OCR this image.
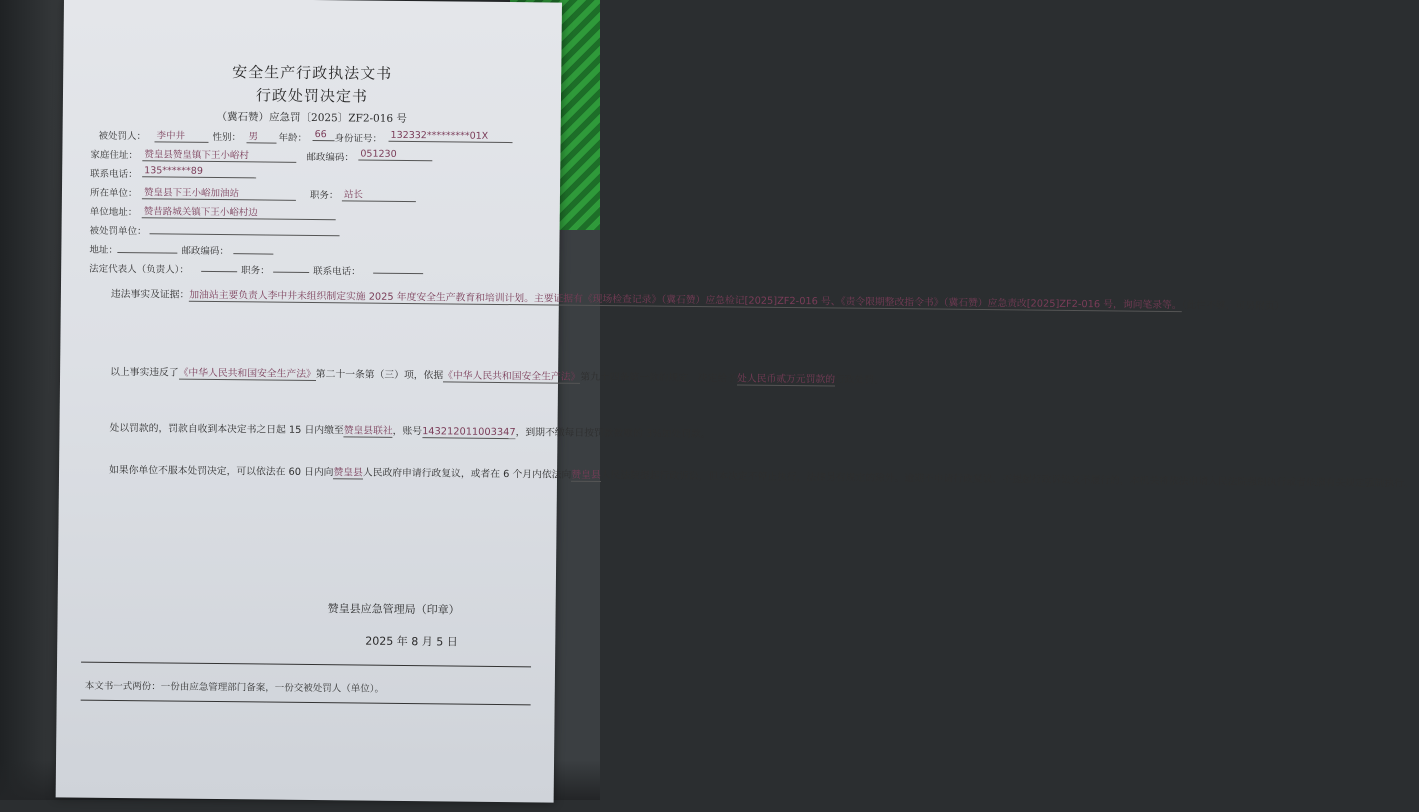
安全生产行政执法文书
行政处罚决定书
（冀石赞）应急罚〔2025〕ZF2-016 号
被处罚人： 李中井	性别： 男	年龄： 66 身份证号： 132332*********01X
家庭住址： 赞皇县赞皇镇下王小峪村	邮政编码： 051230
联系电话： 135******89
所在单位： 赞皇县下王小峪加油站	职务： 站长
单位地址： 赞昔路城关镇下王小峪村边
被处罚单位：
地址：	邮政编码：
法定代表人（负责人）：	职务：	联系电话：
违法事实及证据：加油站主要负责人李中井未组织制定实施 2025 年度安全生产教育和培训计划。主要证据有《现场检查记录》（冀石赞）应急检记[2025]ZF2-016 号、《责令限期整改指令书》（冀石赞）应急责改[2025]ZF2-016 号，询问笔录等。（此栏不够，可另附页）
以上事实违反了《中华人民共和国安全生产法》第二十一条第（三）项，依据《中华人民共和国安全生产法》第九十四条第一款的规定，决定给予处人民币贰万元罚款的行政处罚。
处以罚款的，罚款自收到本决定书之日起 15 日内缴至赞皇县联社，账号143212011003347，到期不缴每日按罚款数额的 3%加处罚款。
如果你单位不服本处罚决定，可以依法在 60 日内向赞皇县人民政府申请行政复议，或者在 6 个月内依法向赞皇县人民法院提起行政诉讼，但本决定不停止执行，法律另有规定的除外。逾期不申请行政复议、不提起行政诉讼又不履行的，本机关将依法申请人民法院强制执行或者依照有关规定强制执行。
赞皇县应急管理局（印章）
2025 年 8 月 5 日
本文书一式两份：一份由应急管理部门备案，一份交被处罚人（单位）。
